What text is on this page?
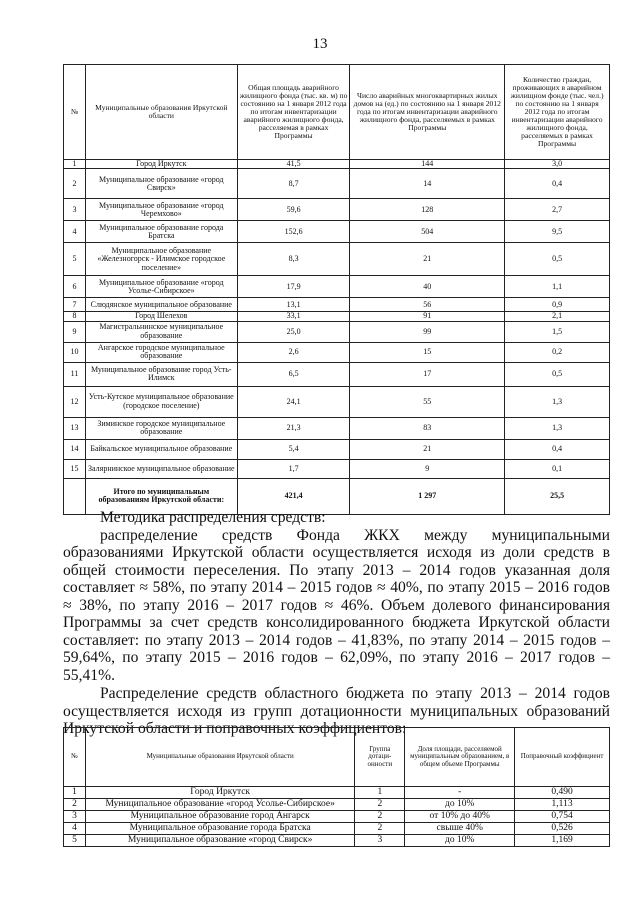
13
№	Муниципальные образования Иркутской области	Общая площадь аварийного жилищного фонда (тыс. кв. м) по состоянию на 1 января 2012 года по итогам инвентаризации аварийного жилищного фонда, расселяемая в рамках Программы	Число аварийных многоквартирных жилых домов на (ед.) по состоянию на 1 января 2012 года по итогам инвентаризации аварийного жилищного фонда, расселяемых в рамках Программы	Количество граждан, проживающих в аварийном жилищном фонде (тыс. чел.) по состоянию на 1 января 2012 года по итогам инвентаризации аварийного жилищного фонда, расселяемых в рамках Программы
1	Город Иркутск	41,5	144	3,0
2	Муниципальное образование «город Свирск»	8,7	14	0,4
3	Муниципальное образование «город Черемхово»	59,6	128	2,7
4	Муниципальное образование города Братска	152,6	504	9,5
5	Муниципальное образование «Железногорск - Илимское городское поселение»	8,3	21	0,5
6	Муниципальное образование «город Усолье-Сибирское»	17,9	40	1,1
7	Слюдянское муниципальное образование	13,1	56	0,9
8	Город Шелехов	33,1	91	2,1
9	Магистральнинское муниципальное образование	25,0	99	1,5
10	Ангарское городское муниципальное образование	2,6	15	0,2
11	Муниципальное образование город Усть-Илимск	6,5	17	0,5
12	Усть-Кутское муниципальное образование (городское поселение)	24,1	55	1,3
13	Зиминское городское муниципальное образование	21,3	83	1,3
14	Байкальское муниципальное образование	5,4	21	0,4
15	Залярнинское муниципальное образование	1,7	9	0,1
	Итого по муниципальным образованиям Иркутской области:	421,4	1 297	25,5
Методика распределения средств:
распределение средств Фонда ЖКХ между муниципальными образованиями Иркутской области осуществляется исходя из доли средств в общей стоимости переселения. По этапу 2013 – 2014 годов указанная доля составляет ≈ 58%, по этапу 2014 – 2015 годов ≈ 40%, по этапу 2015 – 2016 годов ≈ 38%, по этапу 2016 – 2017 годов ≈ 46%. Объем долевого финансирования Программы за счет средств консолидированного бюджета Иркутской области составляет: по этапу 2013 – 2014 годов – 41,83%, по этапу 2014 – 2015 годов – 59,64%, по этапу 2015 – 2016 годов – 62,09%, по этапу 2016 – 2017 годов – 55,41%.
Распределение средств областного бюджета по этапу 2013 – 2014 годов осуществляется исходя из групп дотационности муниципальных образований Иркутской области и поправочных коэффициентов:
№	Муниципальные образования Иркутской области	Группа дотаци-онности	Доля площади, расселяемой муниципальным образованием, в общем объеме Программы	Поправочный коэффициент
1	Город Иркутск	1	-	0,490
2	Муниципальное образование «город Усолье-Сибирское»	2	до 10%	1,113
3	Муниципальное образование город Ангарск	2	от 10% до 40%	0,754
4	Муниципальное образование города Братска	2	свыше 40%	0,526
5	Муниципальное образование «город Свирск»	3	до 10%	1,169
